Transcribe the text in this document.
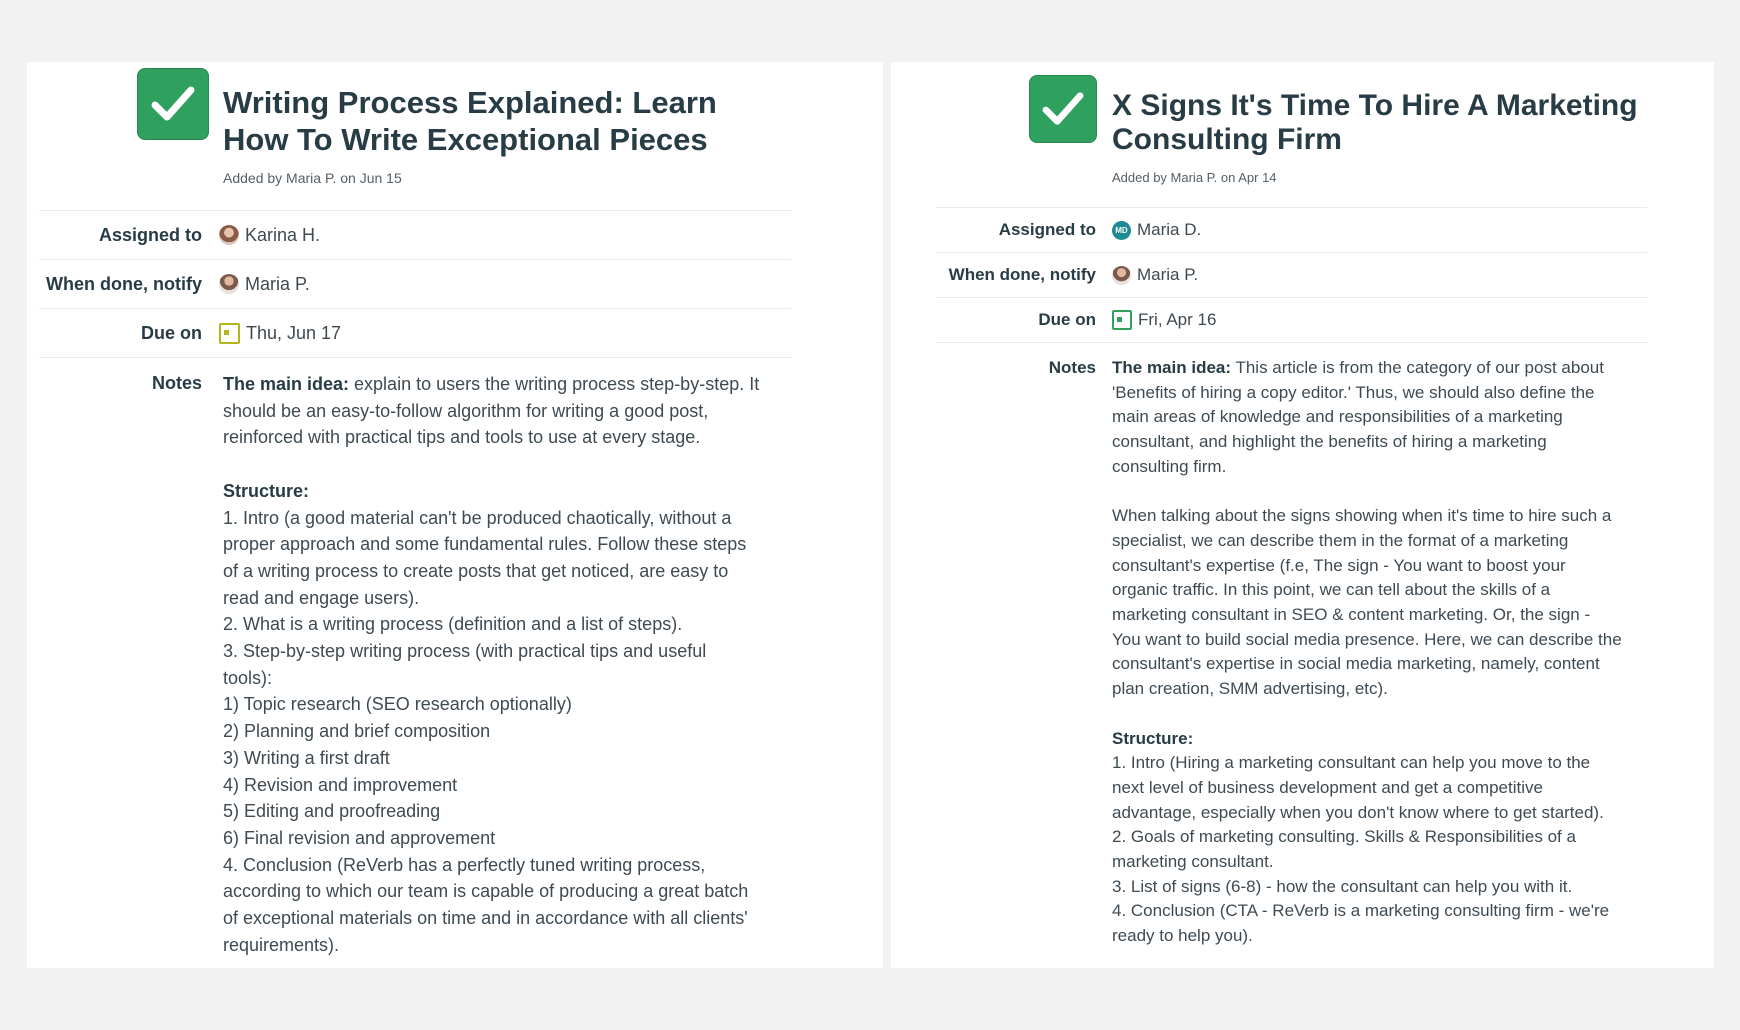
Writing Process Explained: Learn
How To Write Exceptional Pieces
Added by Maria P. on Jun 15
Assigned to	Karina H.
When done, notify	Maria P.
Due on	Thu, Jun 17
Notes The main idea: explain to users the writing process step-by-step. It

should be an easy-to-follow algorithm for writing a good post,

reinforced with practical tips and tools to use at every stage.

Structure:

1. Intro (a good material can't be produced chaotically, without a

proper approach and some fundamental rules. Follow these steps

of a writing process to create posts that get noticed, are easy to

read and engage users).

2. What is a writing process (definition and a list of steps).

3. Step-by-step writing process (with practical tips and useful

tools):

1) Topic research (SEO research optionally)

2) Planning and brief composition

3) Writing a first draft

4) Revision and improvement

5) Editing and proofreading

6) Final revision and approvement

4. Conclusion (ReVerb has a perfectly tuned writing process,

according to which our team is capable of producing a great batch

of exceptional materials on time and in accordance with all clients'

requirements).

X Signs It's Time To Hire A Marketing
Consulting Firm
Added by Maria P. on Apr 14
Assigned to	MD Maria D.
When done, notify	Maria P.
Due on	Fri, Apr 16
Notes The main idea: This article is from the category of our post about

'Benefits of hiring a copy editor.' Thus, we should also define the

main areas of knowledge and responsibilities of a marketing

consultant, and highlight the benefits of hiring a marketing

consulting firm.

When talking about the signs showing when it's time to hire such a

specialist, we can describe them in the format of a marketing

consultant's expertise (f.e, The sign - You want to boost your

organic traffic. In this point, we can tell about the skills of a

marketing consultant in SEO & content marketing. Or, the sign -

You want to build social media presence. Here, we can describe the

consultant's expertise in social media marketing, namely, content

plan creation, SMM advertising, etc).

Structure:

1. Intro (Hiring a marketing consultant can help you move to the

next level of business development and get a competitive

advantage, especially when you don't know where to get started).

2. Goals of marketing consulting. Skills & Responsibilities of a

marketing consultant.

3. List of signs (6-8) - how the consultant can help you with it.

4. Conclusion (CTA - ReVerb is a marketing consulting firm - we're

ready to help you).
